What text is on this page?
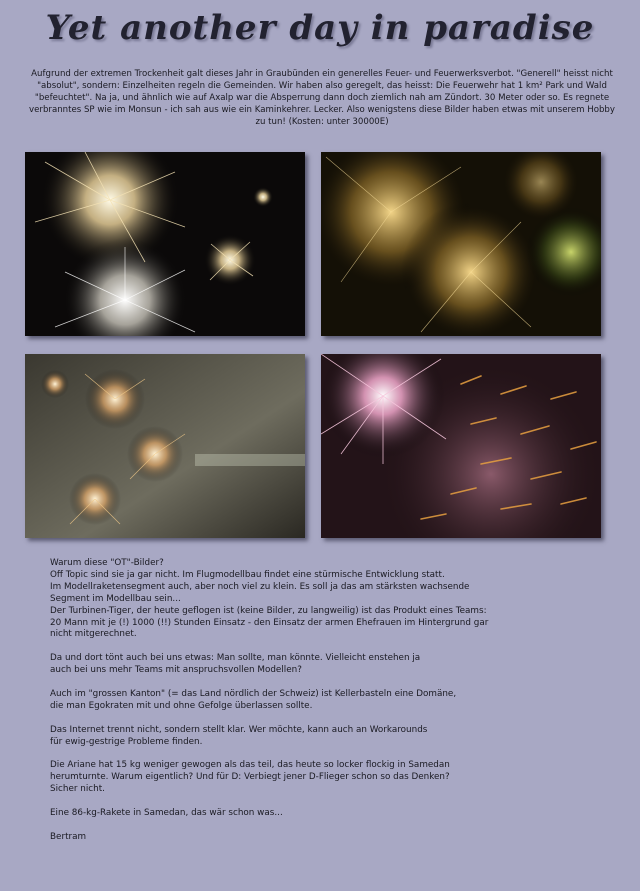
Yet another day in paradise
Aufgrund der extremen Trockenheit galt dieses Jahr in Graubünden ein generelles Feuer- und Feuerwerksverbot. "Generell" heisst nicht "absolut", sondern: Einzelheiten regeln die Gemeinden. Wir haben also geregelt, das heisst: Die Feuerwehr hat 1 km² Park und Wald "befeuchtet". Na ja, und ähnlich wie auf Axalp war die Absperrung dann doch ziemlich nah am Zündort. 30 Meter oder so. Es regnete verbranntes SP wie im Monsun - ich sah aus wie ein Kaminkehrer. Lecker. Also wenigstens diese Bilder haben etwas mit unserem Hobby zu tun! (Kosten: unter 30000E)

Warum diese "OT"-Bilder?
Off Topic sind sie ja gar nicht. Im Flugmodellbau findet eine stürmische Entwicklung statt.
Im Modellraketensegment auch, aber noch viel zu klein. Es soll ja das am stärksten wachsende
Segment im Modellbau sein...
Der Turbinen-Tiger, der heute geflogen ist (keine Bilder, zu langweilig) ist das Produkt eines Teams:
20 Mann mit je (!) 1000 (!!) Stunden Einsatz - den Einsatz der armen Ehefrauen im Hintergrund gar
nicht mitgerechnet.

Da und dort tönt auch bei uns etwas: Man sollte, man könnte. Vielleicht enstehen ja
auch bei uns mehr Teams mit anspruchsvollen Modellen?

Auch im "grossen Kanton" (= das Land nördlich der Schweiz) ist Kellerbasteln eine Domäne,
die man Egokraten mit und ohne Gefolge überlassen sollte.

Das Internet trennt nicht, sondern stellt klar. Wer möchte, kann auch an Workarounds
für ewig-gestrige Probleme finden.

Die Ariane hat 15 kg weniger gewogen als das teil, das heute so locker flockig in Samedan
herumturnte. Warum eigentlich? Und für D: Verbiegt jener D-Flieger schon so das Denken?
Sicher nicht.

Eine 86-kg-Rakete in Samedan, das wär schon was...

Bertram
